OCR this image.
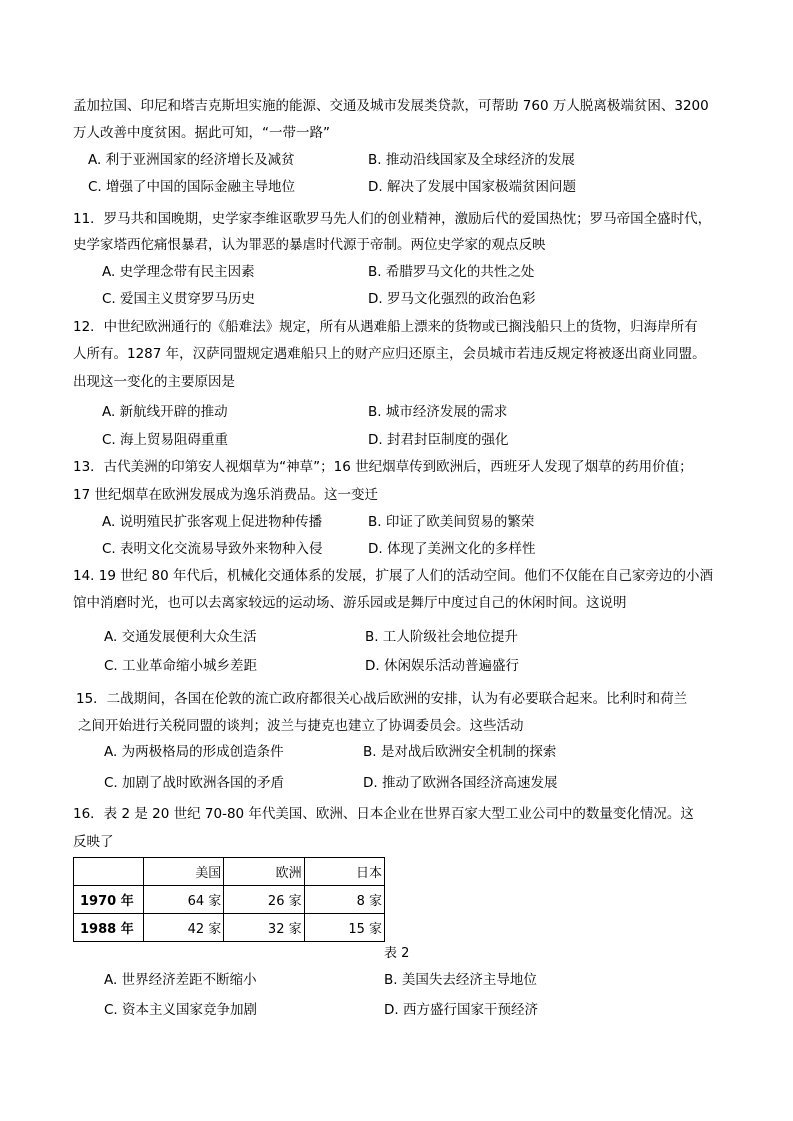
孟加拉国、印尼和塔吉克斯坦实施的能源、交通及城市发展类贷款，可帮助 760 万人脱离极端贫困、3200
万人改善中度贫困。据此可知，“一带一路”
A. 利于亚洲国家的经济增长及减贫	B. 推动沿线国家及全球经济的发展
C. 增强了中国的国际金融主导地位	D. 解决了发展中国家极端贫困问题
11．罗马共和国晚期，史学家李维讴歌罗马先人们的创业精神，激励后代的爱国热忱；罗马帝国全盛时代，
史学家塔西佗痛恨暴君，认为罪恶的暴虐时代源于帝制。两位史学家的观点反映
A. 史学理念带有民主因素	B. 希腊罗马文化的共性之处
C. 爱国主义贯穿罗马历史	D. 罗马文化强烈的政治色彩
12．中世纪欧洲通行的《船难法》规定，所有从遇难船上漂来的货物或已搁浅船只上的货物，归海岸所有
人所有。1287 年，汉萨同盟规定遇难船只上的财产应归还原主，会员城市若违反规定将被逐出商业同盟。
出现这一变化的主要原因是
A. 新航线开辟的推动	B. 城市经济发展的需求
C. 海上贸易阻碍重重	D. 封君封臣制度的强化
13．古代美洲的印第安人视烟草为“神草”；16 世纪烟草传到欧洲后，西班牙人发现了烟草的药用价值；
17 世纪烟草在欧洲发展成为逸乐消费品。这一变迁
A. 说明殖民扩张客观上促进物种传播	B. 印证了欧美间贸易的繁荣
C. 表明文化交流易导致外来物种入侵	D. 体现了美洲文化的多样性
14. 19 世纪 80 年代后，机械化交通体系的发展，扩展了人们的活动空间。他们不仅能在自己家旁边的小酒
馆中消磨时光，也可以去离家较远的运动场、游乐园或是舞厅中度过自己的休闲时间。这说明
A. 交通发展便利大众生活	B. 工人阶级社会地位提升
C. 工业革命缩小城乡差距	D. 休闲娱乐活动普遍盛行
15．二战期间，各国在伦敦的流亡政府都很关心战后欧洲的安排，认为有必要联合起来。比利时和荷兰
之间开始进行关税同盟的谈判；波兰与捷克也建立了协调委员会。这些活动
A. 为两极格局的形成创造条件	B. 是对战后欧洲安全机制的探索
C. 加剧了战时欧洲各国的矛盾	D. 推动了欧洲各国经济高速发展
16．表 2 是 20 世纪 70-80 年代美国、欧洲、日本企业在世界百家大型工业公司中的数量变化情况。这
反映了
	美国	欧洲	日本
1970 年	64 家	26 家	8 家
1988 年	42 家	32 家	15 家
表 2
A. 世界经济差距不断缩小	B. 美国失去经济主导地位
C. 资本主义国家竞争加剧	D. 西方盛行国家干预经济
